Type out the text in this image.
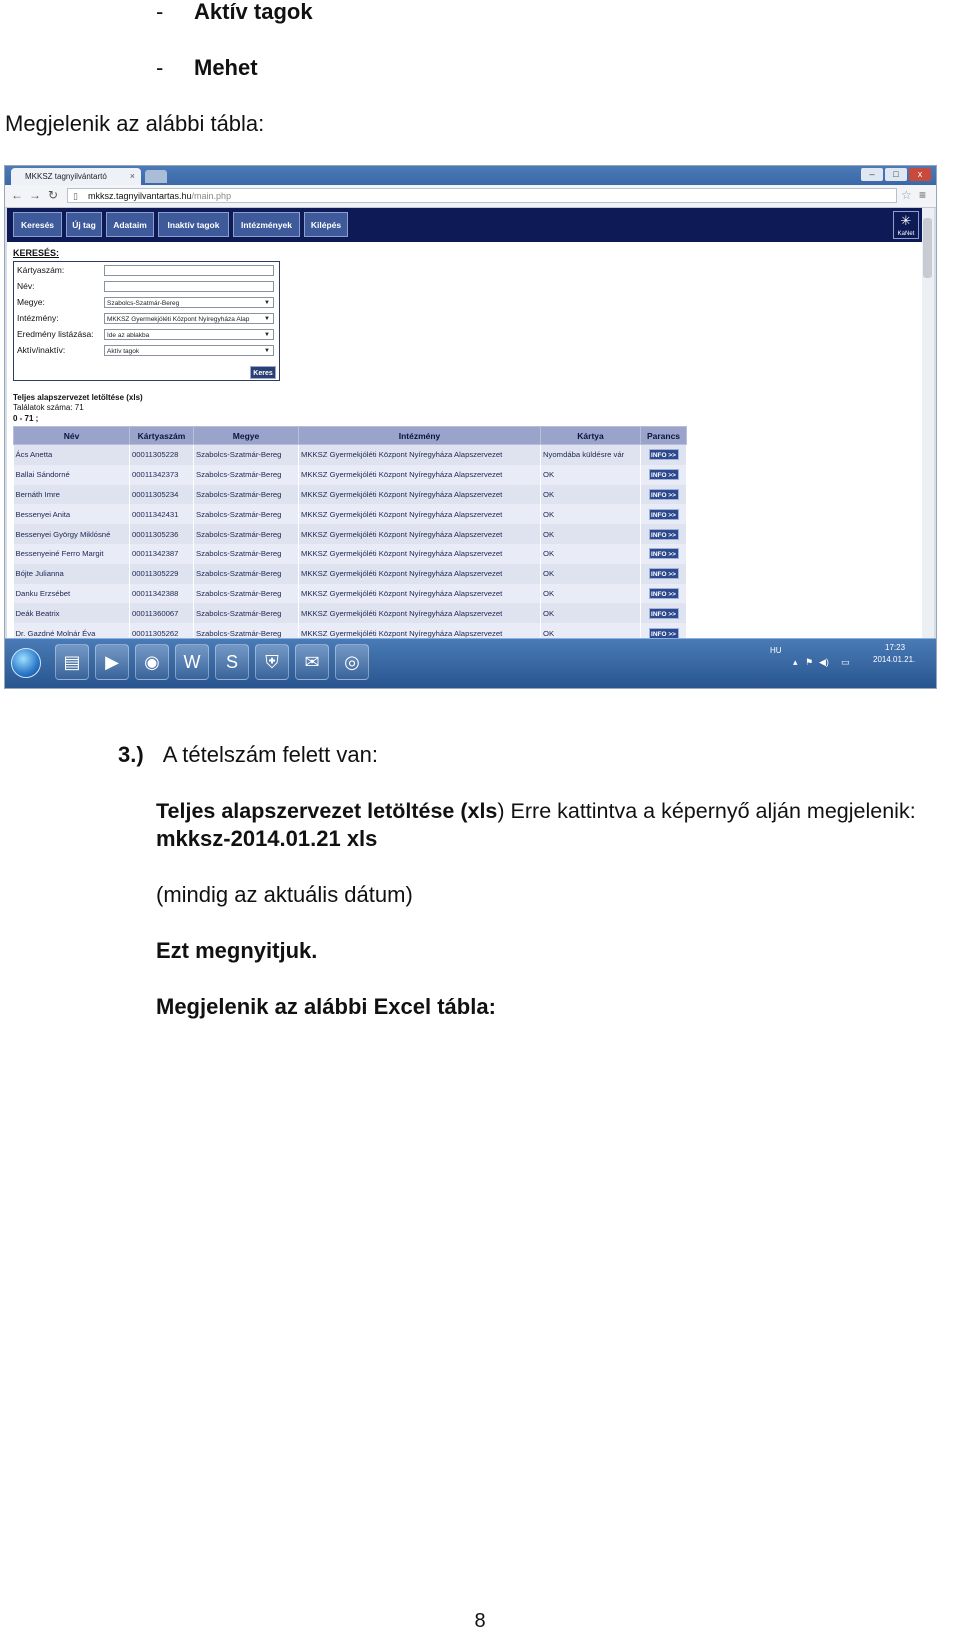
- Aktív tagok
- Mehet
Megjelenik az alábbi tábla:
MKKSZ tagnyilvántartó	×	–	□	x
← → ↻ ▯ mkksz.tagnyilvantartas.hu/main.php	☆ ≡
Keresés	Új tag	Adataim	Inaktív tagok	Intézmények	Kilépés	✳
KaNet
KERESÉS:
Kártyaszám:
Név:
Megye:	Szabolcs-Szatmár-Bereg	▼
Intézmény:	MKKSZ Gyermekjóléti Központ Nyíregyháza Alap ▼
Eredmény listázása:	Ide az ablakba	▼
Aktív/inaktív:	Aktív tagok	▼
Keres
Teljes alapszervezet letöltése (xls)
Találatok száma: 71
0 - 71 ;
Név	Kártyaszám	Megye	Intézmény	Kártya	Parancs
Ács Anetta	00011305228	Szabolcs-Szatmár-Bereg	MKKSZ Gyermekjóléti Központ Nyíregyháza Alapszervezet	Nyomdába küldésre vár	INFO >>
Ballai Sándorné	00011342373	Szabolcs-Szatmár-Bereg	MKKSZ Gyermekjóléti Központ Nyíregyháza Alapszervezet	OK	INFO >>
Bernáth Imre	00011305234	Szabolcs-Szatmár-Bereg	MKKSZ Gyermekjóléti Központ Nyíregyháza Alapszervezet	OK	INFO >>
Bessenyei Anita	00011342431	Szabolcs-Szatmár-Bereg	MKKSZ Gyermekjóléti Központ Nyíregyháza Alapszervezet	OK	INFO >>
Bessenyei György Miklósné	00011305236	Szabolcs-Szatmár-Bereg	MKKSZ Gyermekjóléti Központ Nyíregyháza Alapszervezet	OK	INFO >>
Bessenyeiné Ferro Margit	00011342387	Szabolcs-Szatmár-Bereg	MKKSZ Gyermekjóléti Központ Nyíregyháza Alapszervezet	OK	INFO >>
Bójte Julianna	00011305229	Szabolcs-Szatmár-Bereg	MKKSZ Gyermekjóléti Központ Nyíregyháza Alapszervezet	OK	INFO >>
Danku Erzsébet	00011342388	Szabolcs-Szatmár-Bereg	MKKSZ Gyermekjóléti Központ Nyíregyháza Alapszervezet	OK	INFO >>
Deák Beatrix	00011360067	Szabolcs-Szatmár-Bereg	MKKSZ Gyermekjóléti Központ Nyíregyháza Alapszervezet	OK	INFO >>
Dr. Gazdné Molnár Éva	00011305262	Szabolcs-Szatmár-Bereg	MKKSZ Gyermekjóléti Központ Nyíregyháza Alapszervezet	OK	INFO >>
▤	▶	◉	W	S	⛨	✉	◎
HU
▴ ⚑ ◀) ▭
17:23
2014.01.21.
3.) A tételszám felett van:
Teljes alapszervezet letöltése (xls) Erre kattintva a képernyő alján megjelenik:
mkksz-2014.01.21 xls
(mindig az aktuális dátum)
Ezt megnyitjuk.
Megjelenik az alábbi Excel tábla:
8
